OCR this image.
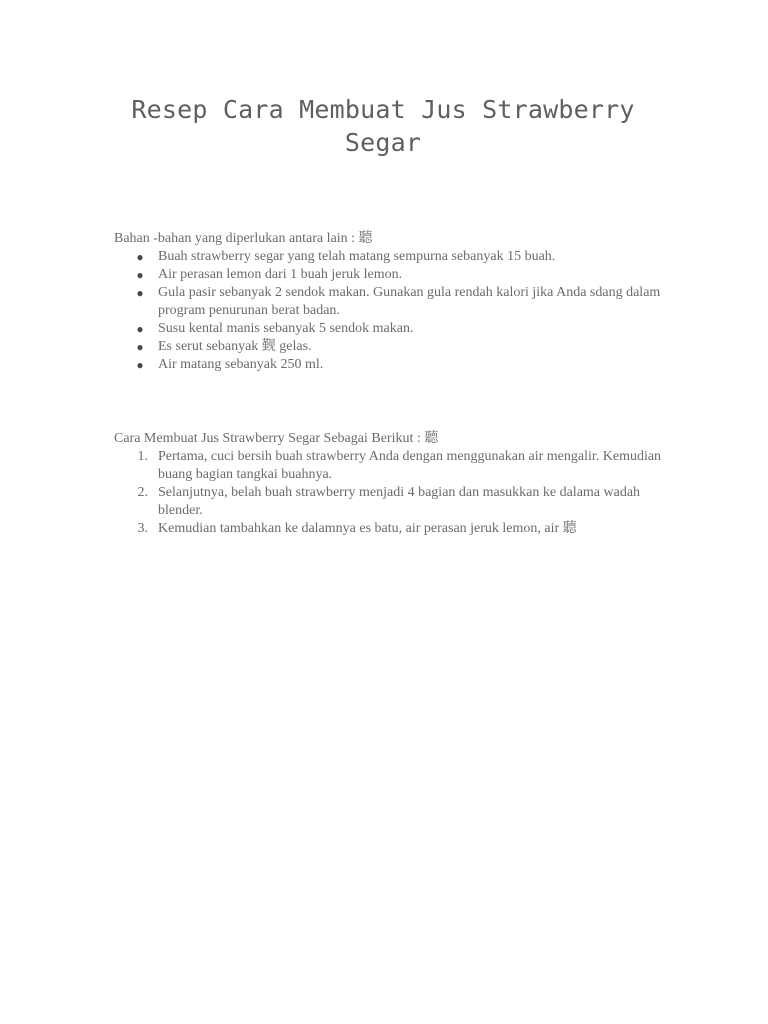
Resep Cara Membuat Jus Strawberry Segar

Bahan -bahan yang diperlukan antara lain : 聽

● Buah strawberry segar yang telah matang sempurna sebanyak 15 buah.
● Air perasan lemon dari 1 buah jeruk lemon.
● Gula pasir sebanyak 2 sendok makan. Gunakan gula rendah kalori jika Anda sdang dalam program penurunan berat badan.
● Susu kental manis sebanyak 5 sendok makan.
● Es serut sebanyak 觐 gelas.
● Air matang sebanyak 250 ml.

Cara Membuat Jus Strawberry Segar Sebagai Berikut : 聽

1. Pertama, cuci bersih buah strawberry Anda dengan menggunakan air mengalir. Kemudian buang bagian tangkai buahnya.
2. Selanjutnya, belah buah strawberry menjadi 4 bagian dan masukkan ke dalama wadah blender.
3. Kemudian tambahkan ke dalamnya es batu, air perasan jeruk lemon, air 聽
